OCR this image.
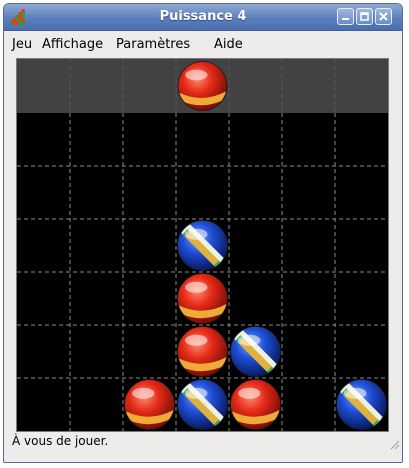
Puissance 4
Jeu Affichage Paramètres Aide
À vous de jouer.
